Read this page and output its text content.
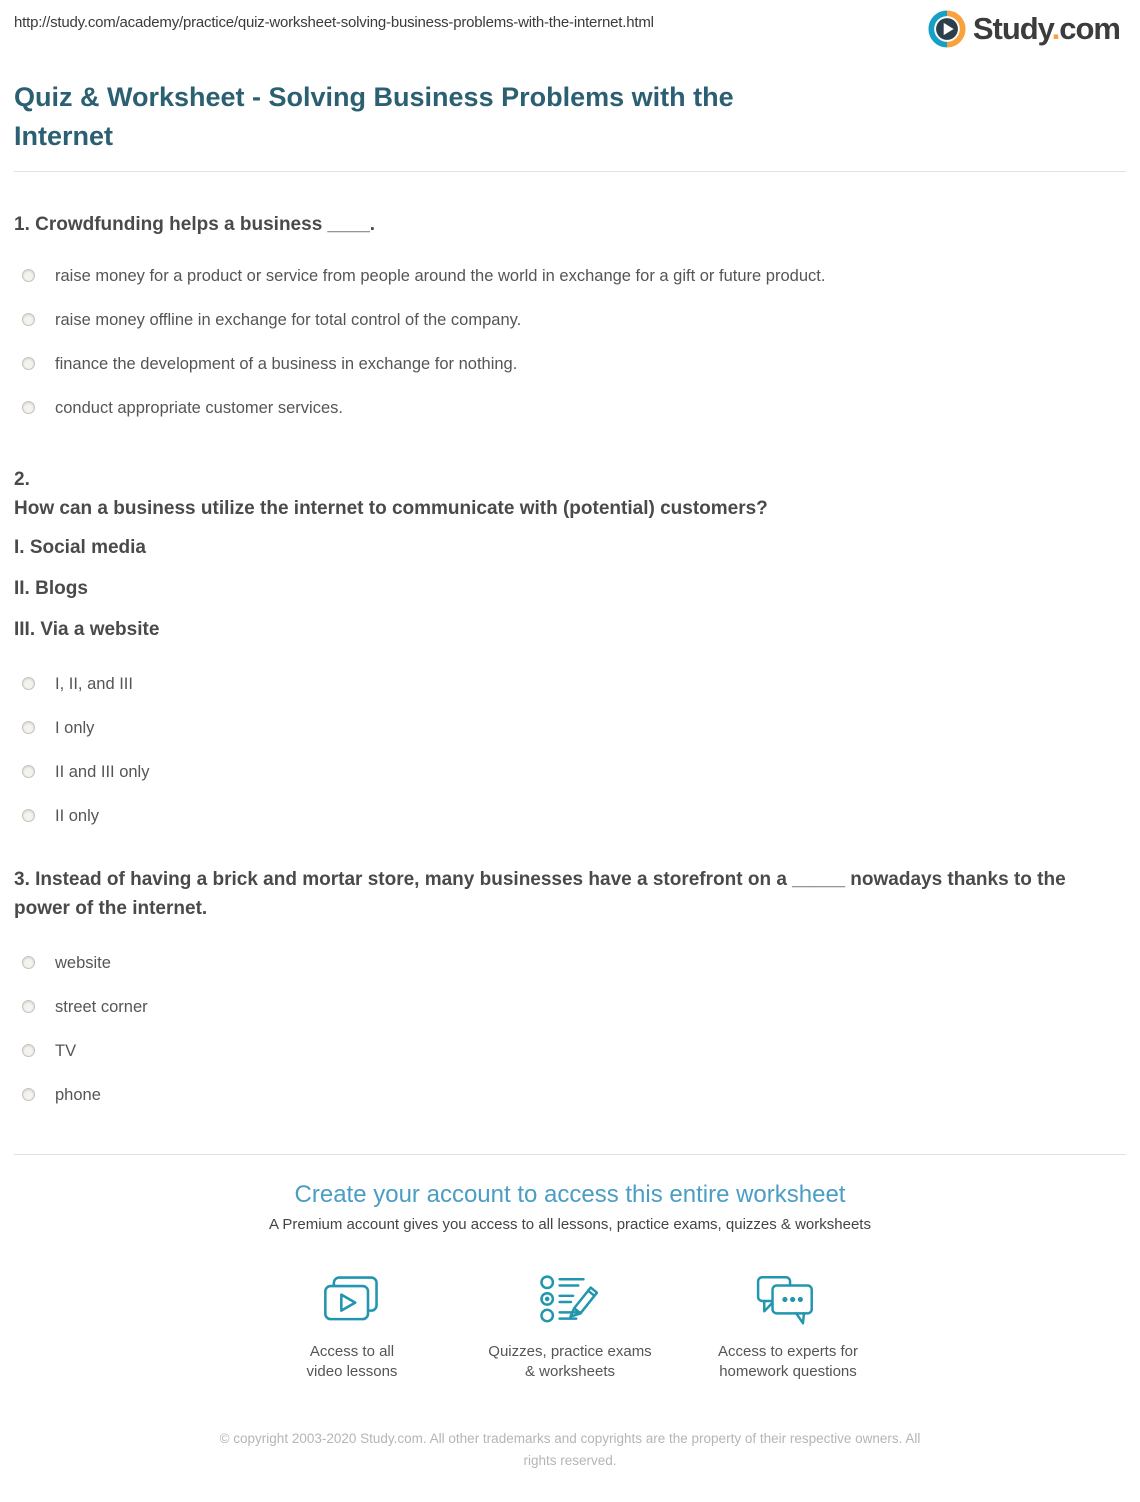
http://study.com/academy/practice/quiz-worksheet-solving-business-problems-with-the-internet.html	Study.com
Quiz & Worksheet - Solving Business Problems with the Internet
1. Crowdfunding helps a business ____.
raise money for a product or service from people around the world in exchange for a gift or future product.
raise money offline in exchange for total control of the company.
finance the development of a business in exchange for nothing.
conduct appropriate customer services.
2.
How can a business utilize the internet to communicate with (potential) customers?

I. Social media

II. Blogs

III. Via a website

I, II, and III
I only
II and III only
II only
3. Instead of having a brick and mortar store, many businesses have a storefront on a _____ nowadays thanks to the power of the internet.
website
street corner
TV
phone
Create your account to access this entire worksheet

A Premium account gives you access to all lessons, practice exams, quizzes & worksheets

Access to all
video lessons
Quizzes, practice exams
& worksheets
Access to experts for
homework questions

© copyright 2003-2020 Study.com. All other trademarks and copyrights are the property of their respective owners. All rights reserved.
